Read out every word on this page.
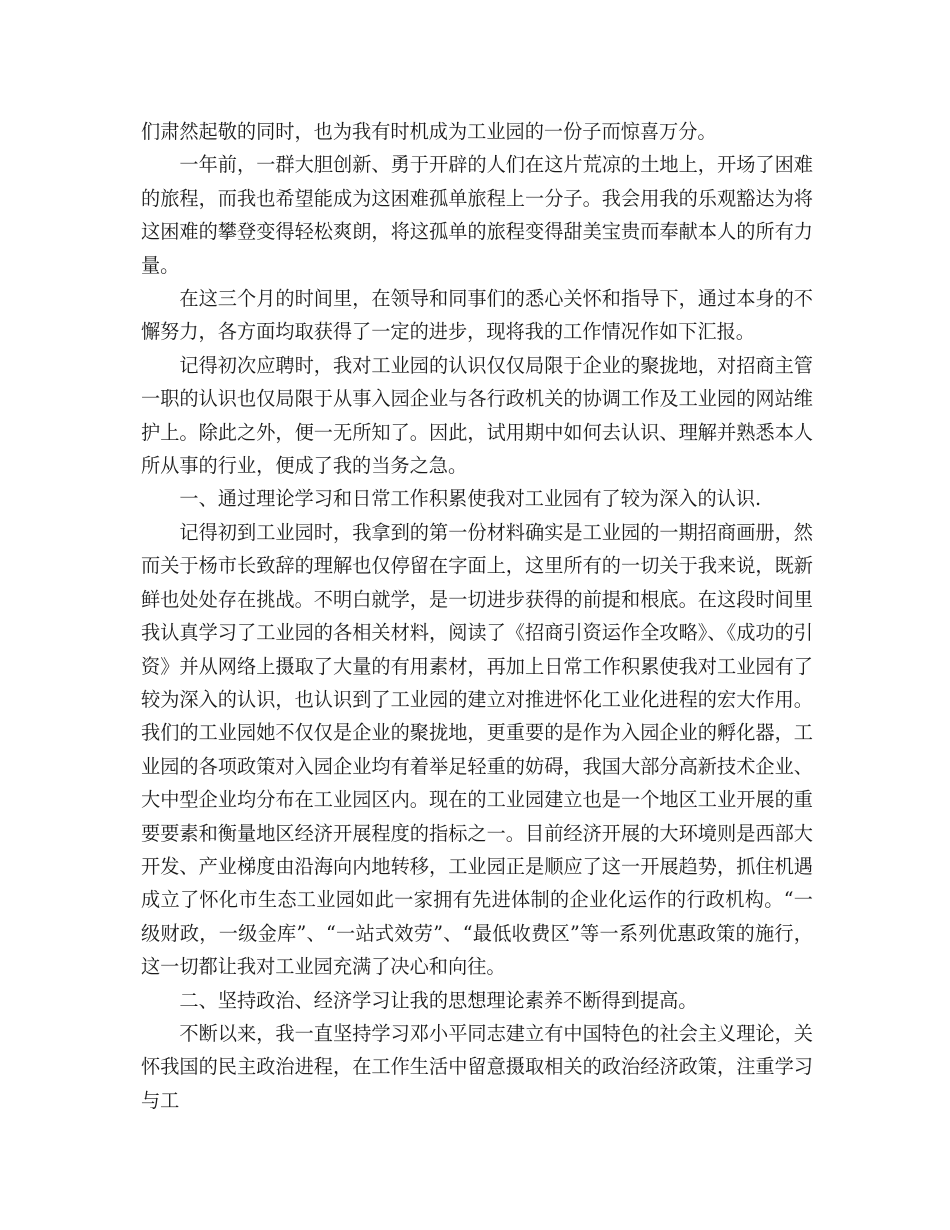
们肃然起敬的同时，也为我有时机成为工业园的一份子而惊喜万分。

一年前，一群大胆创新、勇于开辟的人们在这片荒凉的土地上，开场了困难的旅程，而我也希望能成为这困难孤单旅程上一分子。我会用我的乐观豁达为将这困难的攀登变得轻松爽朗，将这孤单的旅程变得甜美宝贵而奉献本人的所有力量。

在这三个月的时间里，在领导和同事们的悉心关怀和指导下，通过本身的不懈努力，各方面均取获得了一定的进步，现将我的工作情况作如下汇报。

记得初次应聘时，我对工业园的认识仅仅局限于企业的聚拢地，对招商主管一职的认识也仅局限于从事入园企业与各行政机关的协调工作及工业园的网站维护上。除此之外，便一无所知了。因此，试用期中如何去认识、理解并熟悉本人所从事的行业，便成了我的当务之急。

一、通过理论学习和日常工作积累使我对工业园有了较为深入的认识.

记得初到工业园时，我拿到的第一份材料确实是工业园的一期招商画册，然而关于杨市长致辞的理解也仅停留在字面上，这里所有的一切关于我来说，既新鲜也处处存在挑战。不明白就学，是一切进步获得的前提和根底。在这段时间里我认真学习了工业园的各相关材料，阅读了《招商引资运作全攻略》、《成功的引资》并从网络上摄取了大量的有用素材，再加上日常工作积累使我对工业园有了较为深入的认识，也认识到了工业园的建立对推进怀化工业化进程的宏大作用。我们的工业园她不仅仅是企业的聚拢地，更重要的是作为入园企业的孵化器，工业园的各项政策对入园企业均有着举足轻重的妨碍，我国大部分高新技术企业、大中型企业均分布在工业园区内。现在的工业园建立也是一个地区工业开展的重要要素和衡量地区经济开展程度的指标之一。目前经济开展的大环境则是西部大开发、产业梯度由沿海向内地转移，工业园正是顺应了这一开展趋势，抓住机遇成立了怀化市生态工业园如此一家拥有先进体制的企业化运作的行政机构。“一级财政，一级金库”、“一站式效劳”、“最低收费区”等一系列优惠政策的施行，这一切都让我对工业园充满了决心和向往。

二、坚持政治、经济学习让我的思想理论素养不断得到提高。

不断以来，我一直坚持学习邓小平同志建立有中国特色的社会主义理论，关怀我国的民主政治进程，在工作生活中留意摄取相关的政治经济政策，注重学习与工
